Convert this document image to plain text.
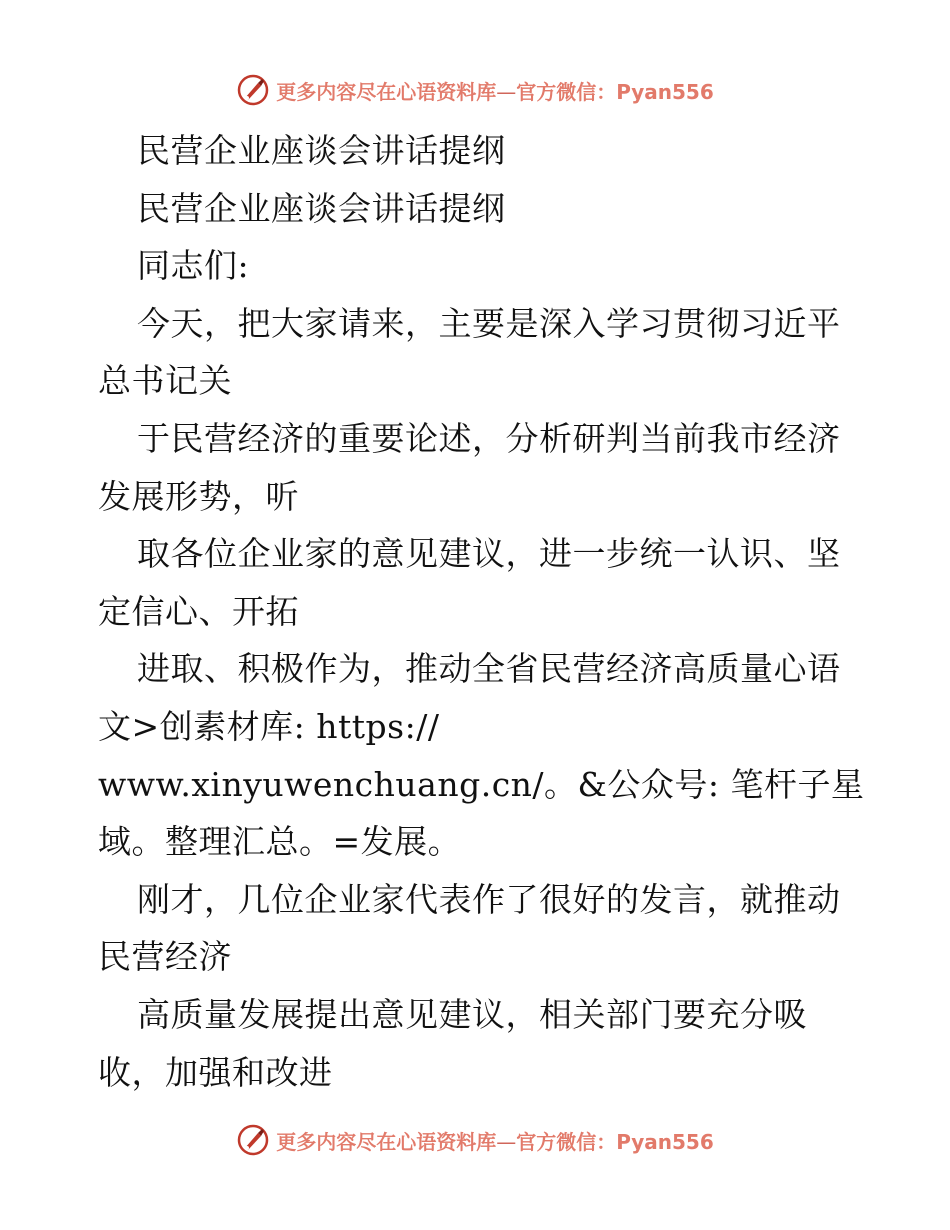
更多内容尽在心语资料库—官方微信：Pyan556
民营企业座谈会讲话提纲
民营企业座谈会讲话提纲
同志们:
今天，把大家请来，主要是深入学习贯彻习近平
总书记关
于民营经济的重要论述，分析研判当前我市经济
发展形势，听
取各位企业家的意见建议，进一步统一认识、坚
定信心、开拓
进取、积极作为，推动全省民营经济高质量心语
文>创素材库: https://
www.xinyuwenchuang.cn/。&公众号: 笔杆子星
域。整理汇总。=发展。
刚才，几位企业家代表作了很好的发言，就推动
民营经济
高质量发展提出意见建议，相关部门要充分吸
收，加强和改进
更多内容尽在心语资料库—官方微信：Pyan556
